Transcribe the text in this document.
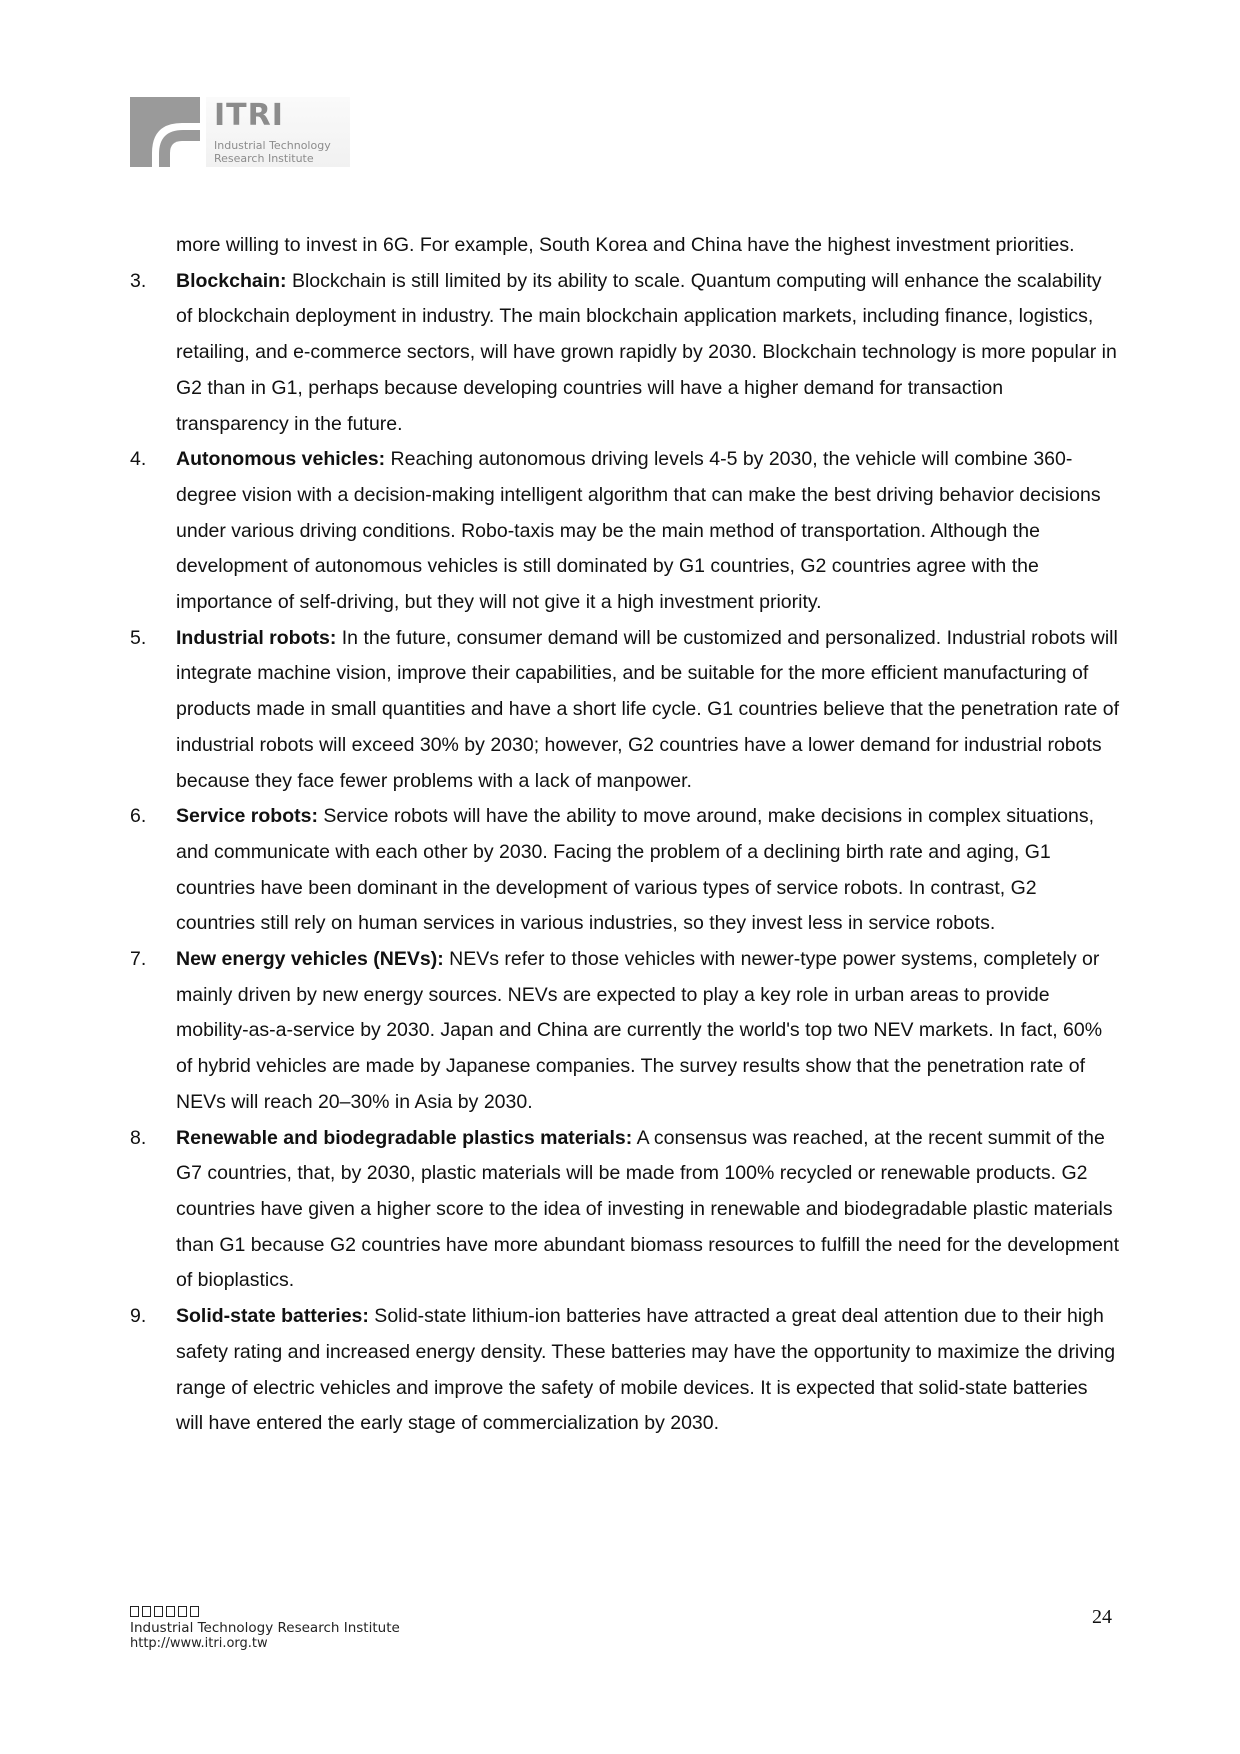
ITRI
Industrial Technology
Research Institute

more willing to invest in 6G. For example, South Korea and China have the highest investment priorities.

3.	Blockchain: Blockchain is still limited by its ability to scale. Quantum computing will enhance the scalability of blockchain deployment in industry. The main blockchain application markets, including finance, logistics, retailing, and e-commerce sectors, will have grown rapidly by 2030. Blockchain technology is more popular in G2 than in G1, perhaps because developing countries will have a higher demand for transaction transparency in the future.
4.	Autonomous vehicles: Reaching autonomous driving levels 4-5 by 2030, the vehicle will combine 360-degree vision with a decision-making intelligent algorithm that can make the best driving behavior decisions under various driving conditions. Robo-taxis may be the main method of transportation. Although the development of autonomous vehicles is still dominated by G1 countries, G2 countries agree with the importance of self-driving, but they will not give it a high investment priority.
5.	Industrial robots: In the future, consumer demand will be customized and personalized. Industrial robots will integrate machine vision, improve their capabilities, and be suitable for the more efficient manufacturing of products made in small quantities and have a short life cycle. G1 countries believe that the penetration rate of industrial robots will exceed 30% by 2030; however, G2 countries have a lower demand for industrial robots because they face fewer problems with a lack of manpower.
6.	Service robots: Service robots will have the ability to move around, make decisions in complex situations, and communicate with each other by 2030. Facing the problem of a declining birth rate and aging, G1 countries have been dominant in the development of various types of service robots. In contrast, G2 countries still rely on human services in various industries, so they invest less in service robots.
7.	New energy vehicles (NEVs): NEVs refer to those vehicles with newer-type power systems, completely or mainly driven by new energy sources. NEVs are expected to play a key role in urban areas to provide mobility-as-a-service by 2030. Japan and China are currently the world's top two NEV markets. In fact, 60% of hybrid vehicles are made by Japanese companies. The survey results show that the penetration rate of NEVs will reach 20–30% in Asia by 2030.
8.	Renewable and biodegradable plastics materials: A consensus was reached, at the recent summit of the G7 countries, that, by 2030, plastic materials will be made from 100% recycled or renewable products. G2 countries have given a higher score to the idea of investing in renewable and biodegradable plastic materials than G1 because G2 countries have more abundant biomass resources to fulfill the need for the development of bioplastics.
9.	Solid-state batteries: Solid-state lithium-ion batteries have attracted a great deal attention due to their high safety rating and increased energy density. These batteries may have the opportunity to maximize the driving range of electric vehicles and improve the safety of mobile devices. It is expected that solid-state batteries will have entered the early stage of commercialization by 2030.
Industrial Technology Research Institute
http://www.itri.org.tw
24
